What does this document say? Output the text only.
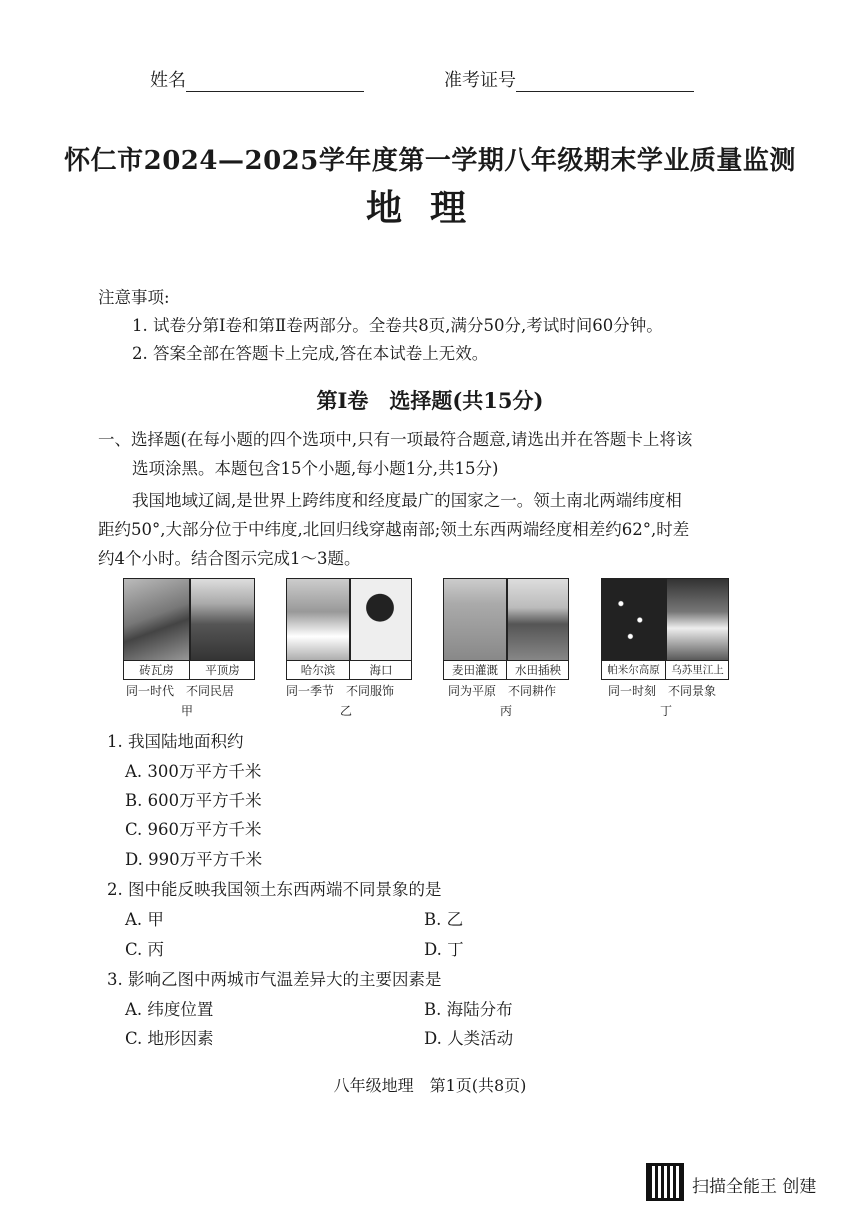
姓名	准考证号
怀仁市2024—2025学年度第一学期八年级期末学业质量监测
地理
注意事项:
1. 试卷分第Ⅰ卷和第Ⅱ卷两部分。全卷共8页,满分50分,考试时间60分钟。
2. 答案全部在答题卡上完成,答在本试卷上无效。
第Ⅰ卷　选择题(共15分)
一、选择题(在每小题的四个选项中,只有一项最符合题意,请选出并在答题卡上将该
选项涂黑。本题包含15个小题,每小题1分,共15分)
我国地域辽阔,是世界上跨纬度和经度最广的国家之一。领土南北两端纬度相
距约50°,大部分位于中纬度,北回归线穿越南部;领土东西两端经度相差约62°,时差
约4个小时。结合图示完成1～3题。
砖瓦房	平顶房
同一时代　不同民居
甲
哈尔滨	海口
同一季节　不同服饰
乙
麦田灌溉	水田插秧
同为平原　不同耕作
丙
帕米尔高原	乌苏里江上
同一时刻　不同景象
丁
1. 我国陆地面积约
A. 300万平方千米
B. 600万平方千米
C. 960万平方千米
D. 990万平方千米
2. 图中能反映我国领土东西两端不同景象的是
A. 甲	B. 乙
C. 丙	D. 丁
3. 影响乙图中两城市气温差异大的主要因素是
A. 纬度位置	B. 海陆分布
C. 地形因素	D. 人类活动
八年级地理　第1页(共8页)
扫描全能王 创建
